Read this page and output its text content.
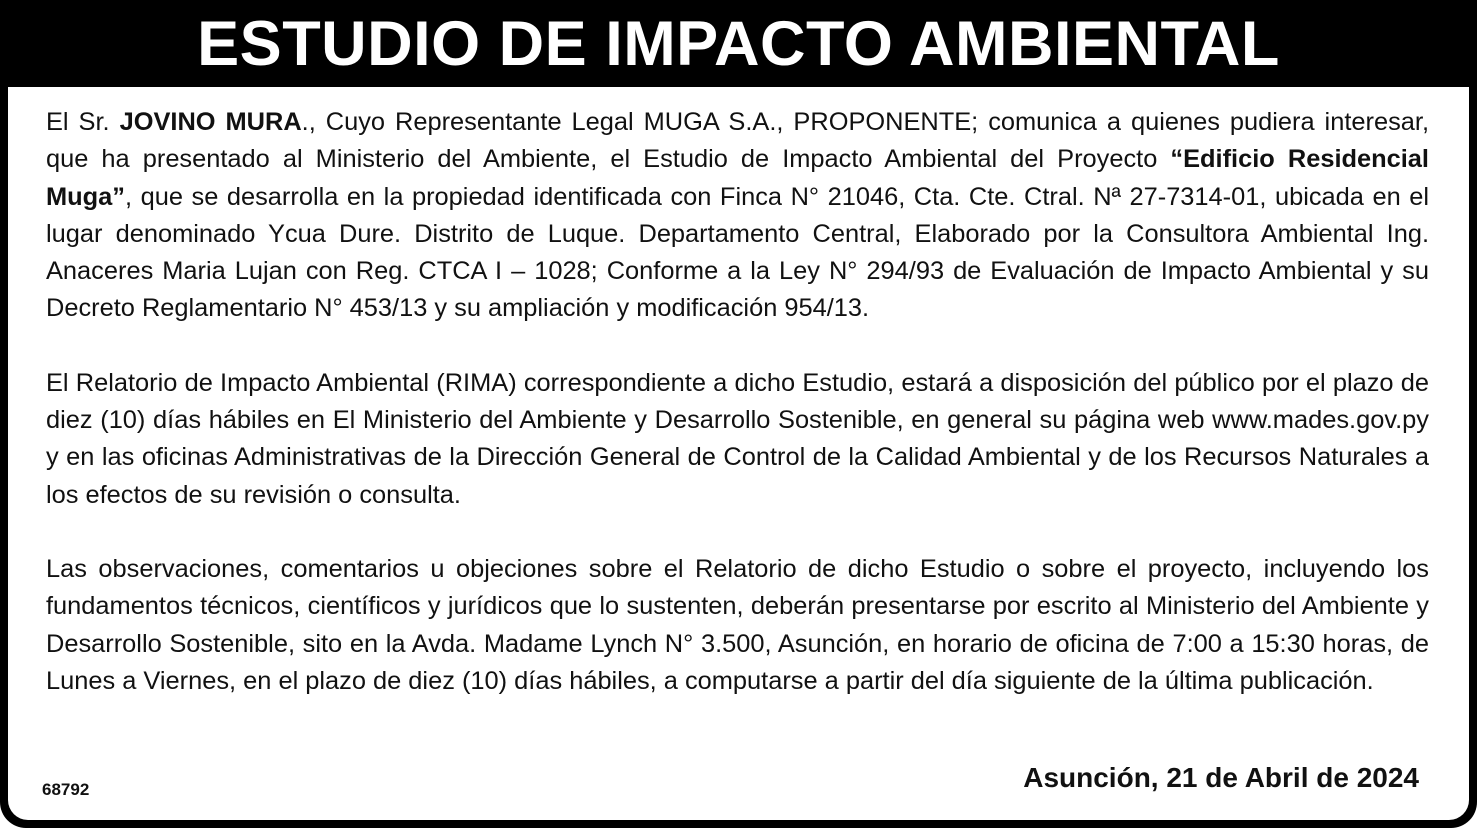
ESTUDIO DE IMPACTO AMBIENTAL

El Sr. JOVINO MURA., Cuyo Representante Legal MUGA S.A., PROPONENTE; comunica a quienes pudiera interesar, que ha presentado al Ministerio del Ambiente, el Estudio de Impacto Ambiental del Proyecto “Edificio Residencial Muga”, que se desarrolla en la propiedad identificada con Finca N° 21046, Cta. Cte. Ctral. Nª 27-7314-01, ubicada en el lugar denominado Ycua Dure. Distrito de Luque. Departamento Central, Elaborado por la Consultora Ambiental Ing. Anaceres Maria Lujan con Reg. CTCA I – 1028; Conforme a la Ley N° 294/93 de Evaluación de Impacto Ambiental y su Decreto Reglamentario N° 453/13 y su ampliación y modificación 954/13.

El Relatorio de Impacto Ambiental (RIMA) correspondiente a dicho Estudio, estará a disposición del público por el plazo de diez (10) días hábiles en El Ministerio del Ambiente y Desarrollo Sostenible, en general su página web www.mades.gov.py y en las oficinas Administrativas de la Dirección General de Control de la Calidad Ambiental y de los Recursos Naturales a los efectos de su revisión o consulta.

Las observaciones, comentarios u objeciones sobre el Relatorio de dicho Estudio o sobre el proyecto, incluyendo los fundamentos técnicos, científicos y jurídicos que lo sustenten, deberán presentarse por escrito al Ministerio del Ambiente y Desarrollo Sostenible, sito en la Avda. Madame Lynch N° 3.500, Asunción, en horario de oficina de 7:00 a 15:30 horas, de Lunes a Viernes, en el plazo de diez (10) días hábiles, a computarse a partir del día siguiente de la última publicación.

68792	Asunción, 21 de Abril de 2024
